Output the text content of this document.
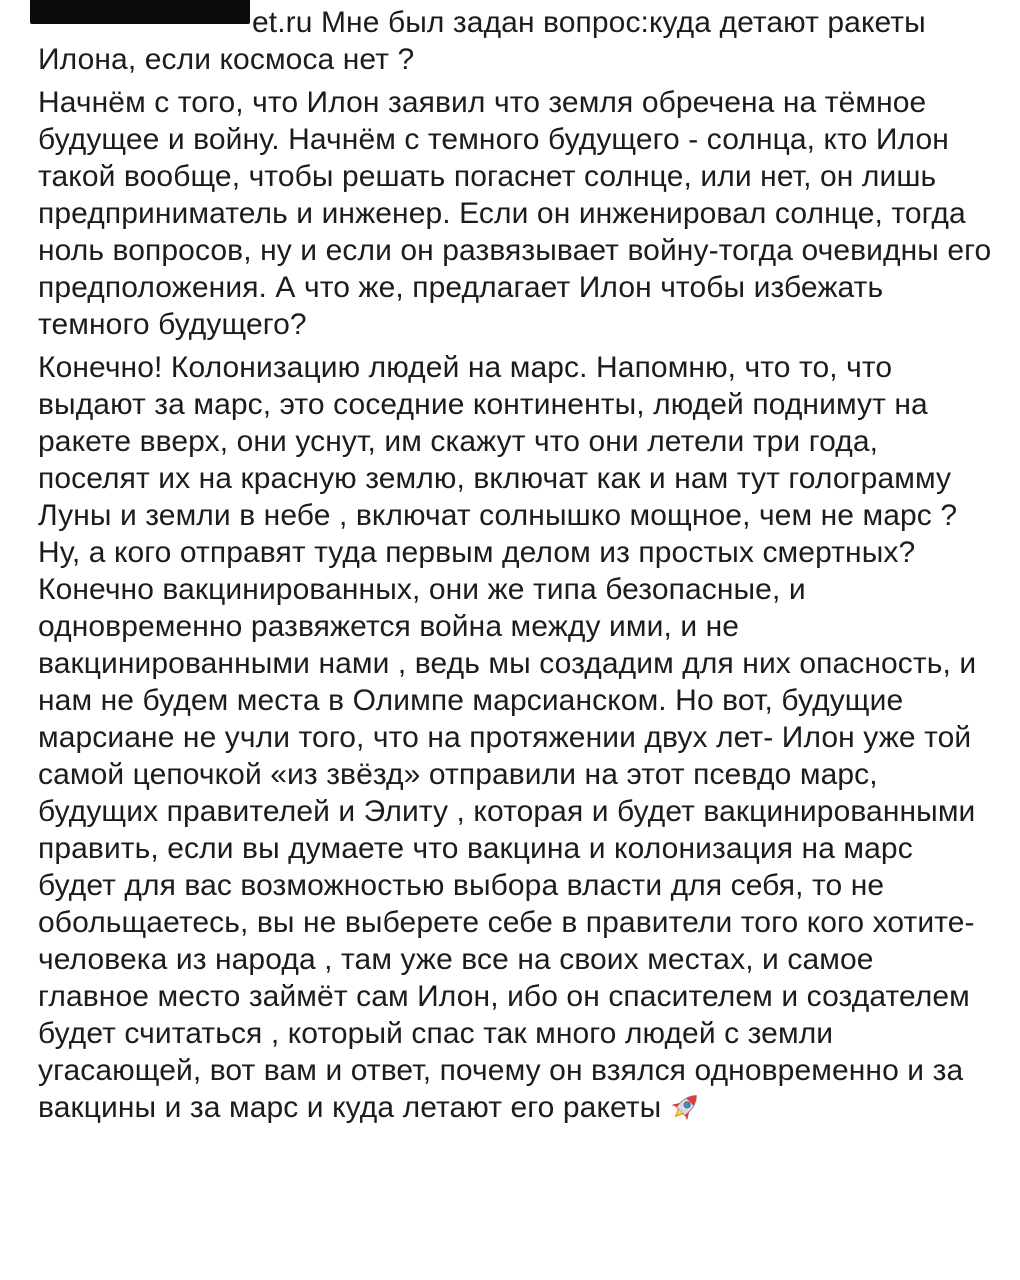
et.ru Мне был задан вопрос:куда детают ракеты Илона, если космоса нет ?

Начнём с того, что Илон заявил что земля обречена на тёмное будущее и войну. Начнём с темного будущего - солнца, кто Илон такой вообще, чтобы решать погаснет солнце, или нет, он лишь предприниматель и инженер. Если он инженировал солнце, тогда ноль вопросов, ну и если он развязывает войну-тогда очевидны его предположения. А что же, предлагает Илон чтобы избежать темного будущего?

Конечно! Колонизацию людей на марс. Напомню, что то, что выдают за марс, это соседние континенты, людей поднимут на ракете вверх, они уснут, им скажут что они летели три года, поселят их на красную землю, включат как и нам тут голограмму Луны и земли в небе , включат солнышко мощное, чем не марс ? Ну, а кого отправят туда первым делом из простых смертных? Конечно вакцинированных, они же типа безопасные, и одновременно развяжется война между ими, и не вакцинированными нами , ведь мы создадим для них опасность, и нам не будем места в Олимпе марсианском. Но вот, будущие марсиане не учли того, что на протяжении двух лет- Илон уже той самой цепочкой «из звёзд» отправили на этот псевдо марс, будущих правителей и Элиту , которая и будет вакцинированными править, если вы думаете что вакцина и колонизация на марс будет для вас возможностью выбора власти для себя, то не обольщаетесь, вы не выберете себе в правители того кого хотите- человека из народа , там уже все на своих местах, и самое главное место займёт сам Илон, ибо он спасителем и создателем будет считаться , который спас так много людей с земли угасающей, вот вам и ответ, почему он взялся одновременно и за вакцины и за марс и куда летают его ракеты
